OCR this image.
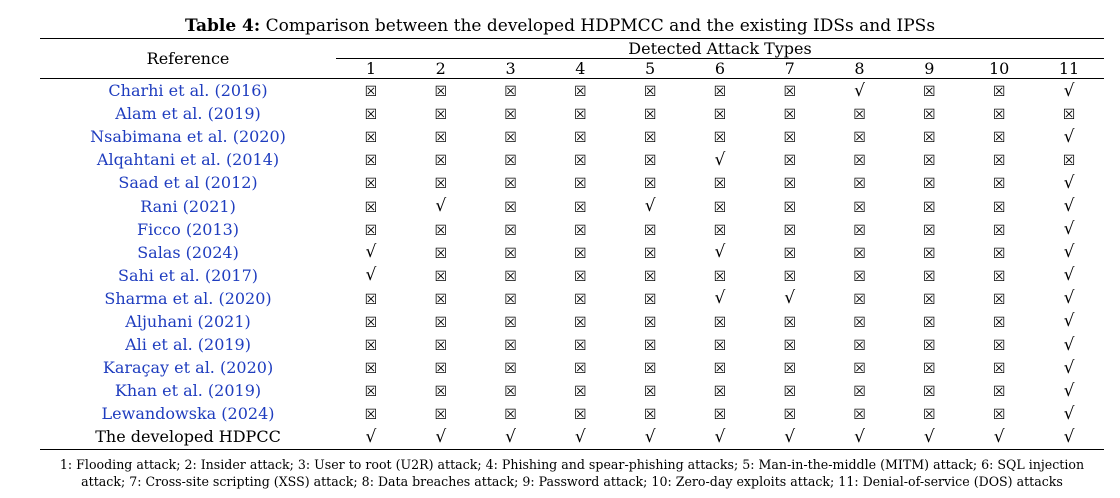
Table 4: Comparison between the developed HDPMCC and the existing IDSs and IPSs
Reference	Detected Attack Types										
	1	2	3	4	5	6	7	8	9	10	11
Charhi et al. (2016)	☒	☒	☒	☒	☒	☒	☒	√	☒	☒	√
Alam et al. (2019)	☒	☒	☒	☒	☒	☒	☒	☒	☒	☒	☒
Nsabimana et al. (2020)	☒	☒	☒	☒	☒	☒	☒	☒	☒	☒	√
Alqahtani et al. (2014)	☒	☒	☒	☒	☒	√	☒	☒	☒	☒	☒
Saad et al (2012)	☒	☒	☒	☒	☒	☒	☒	☒	☒	☒	√
Rani (2021)	☒	√	☒	☒	√	☒	☒	☒	☒	☒	√
Ficco (2013)	☒	☒	☒	☒	☒	☒	☒	☒	☒	☒	√
Salas (2024)	√	☒	☒	☒	☒	√	☒	☒	☒	☒	√
Sahi et al. (2017)	√	☒	☒	☒	☒	☒	☒	☒	☒	☒	√
Sharma et al. (2020)	☒	☒	☒	☒	☒	√	√	☒	☒	☒	√
Aljuhani (2021)	☒	☒	☒	☒	☒	☒	☒	☒	☒	☒	√
Ali et al. (2019)	☒	☒	☒	☒	☒	☒	☒	☒	☒	☒	√
Karaçay et al. (2020)	☒	☒	☒	☒	☒	☒	☒	☒	☒	☒	√
Khan et al. (2019)	☒	☒	☒	☒	☒	☒	☒	☒	☒	☒	√
Lewandowska (2024)	☒	☒	☒	☒	☒	☒	☒	☒	☒	☒	√
The developed HDPCC	√	√	√	√	√	√	√	√	√	√	√
1: Flooding attack; 2: Insider attack; 3: User to root (U2R) attack; 4: Phishing and spear-phishing attacks; 5: Man-in-the-middle (MITM) attack; 6: SQL injection
attack; 7: Cross-site scripting (XSS) attack; 8: Data breaches attack; 9: Password attack; 10: Zero-day exploits attack; 11: Denial-of-service (DOS) attacks
